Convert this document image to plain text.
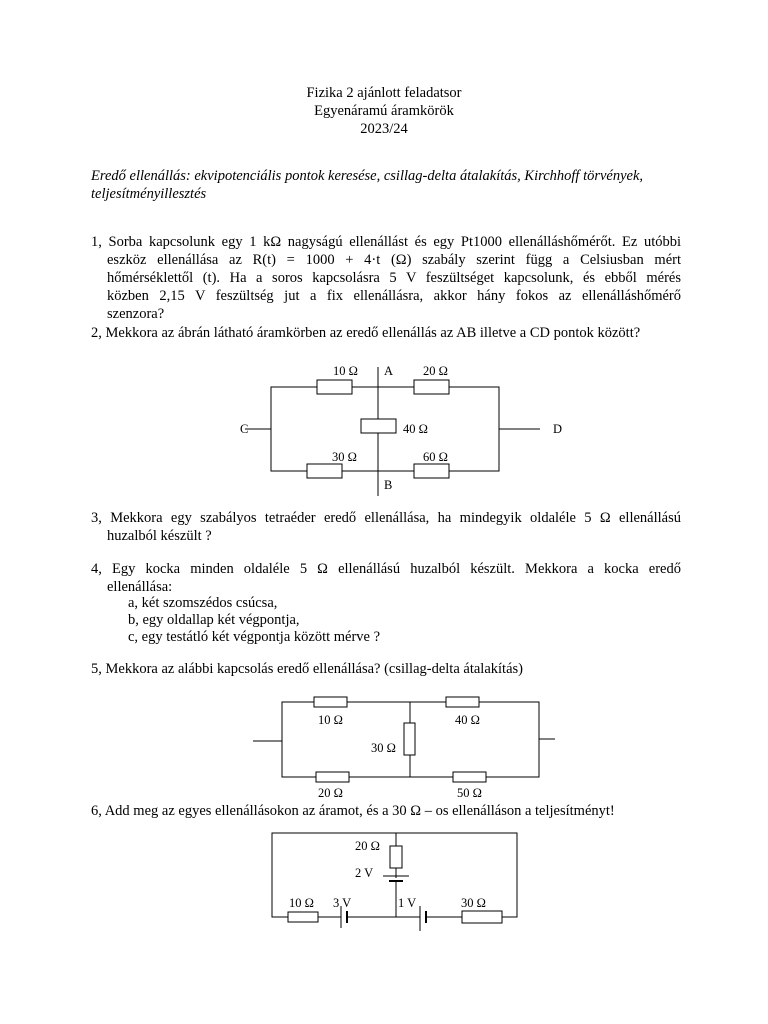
Fizika 2 ajánlott feladatsor
Egyenáramú áramkörök
2023/24
Eredő ellenállás: ekvipotenciális pontok keresése, csillag-delta átalakítás, Kirchhoff törvények, teljesítményillesztés
1, Sorba kapcsolunk egy 1 kΩ nagyságú ellenállást és egy Pt1000 ellenálláshőmérőt. Ez utóbbi
eszköz ellenállása az R(t) = 1000 + 4·t (Ω) szabály szerint függ a Celsiusban mért
hőmérséklettől (t). Ha a soros kapcsolásra 5 V feszültséget kapcsolunk, és ebből mérés
közben 2,15 V feszültség jut a fix ellenállásra, akkor hány fokos az ellenálláshőmérő
szenzora?
2, Mekkora az ábrán látható áramkörben az eredő ellenállás az AB illetve a CD pontok között?
3, Mekkora egy szabályos tetraéder eredő ellenállása, ha mindegyik oldaléle 5 Ω ellenállású
huzalból készült ?
4, Egy kocka minden oldaléle 5 Ω ellenállású huzalból készült. Mekkora a kocka eredő
ellenállása:
a, két szomszédos csúcsa,
b, egy oldallap két végpontja,
c, egy testátló két végpontja között mérve ?
5, Mekkora az alábbi kapcsolás eredő ellenállása? (csillag-delta átalakítás)
6, Add meg az egyes ellenállásokon az áramot, és a 30 Ω – os ellenálláson a teljesítményt!
10 Ω	20 Ω
40 Ω
30 Ω	60 Ω
A
B
C	D
10 Ω	40 Ω
30 Ω
20 Ω	50 Ω
20 Ω
2 V
10 Ω 3 V	1 V	30 Ω
